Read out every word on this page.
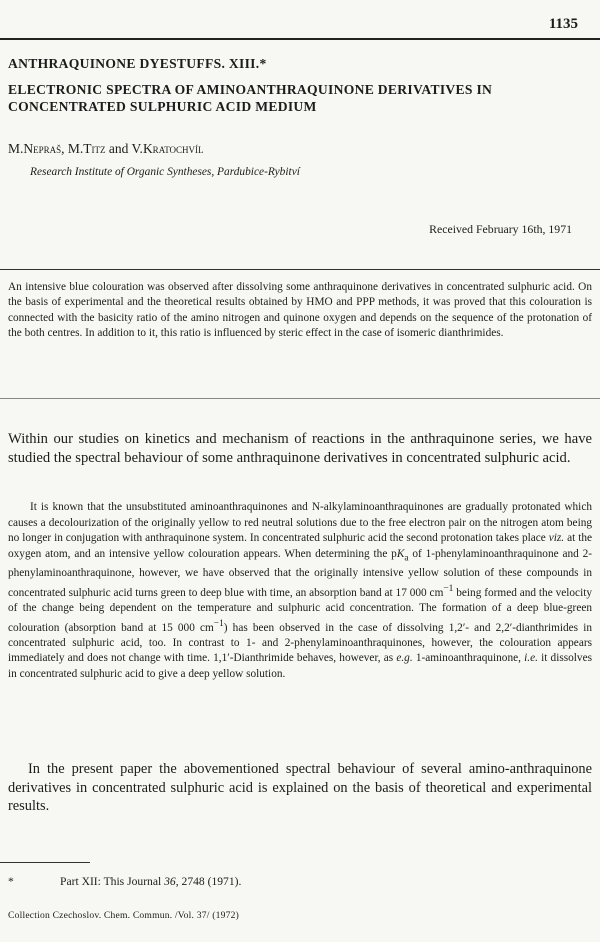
1135
ANTHRAQUINONE DYESTUFFS. XIII.*
ELECTRONIC SPECTRA OF AMINOANTHRAQUINONE DERIVATIVES IN CONCENTRATED SULPHURIC ACID MEDIUM
M.Nepraš, M.Titz and V.Kratochvíl
Research Institute of Organic Syntheses, Pardubice-Rybitví
Received February 16th, 1971

An intensive blue colouration was observed after dissolving some anthraquinone derivatives in concentrated sulphuric acid. On the basis of experimental and the theoretical results obtained by HMO and PPP methods, it was proved that this colouration is connected with the basicity ratio of the amino nitrogen and quinone oxygen and depends on the sequence of the protonation of the both centres. In addition to it, this ratio is influenced by steric effect in the case of isomeric dianthrimides.

Within our studies on kinetics and mechanism of reactions in the anthraquinone series, we have studied the spectral behaviour of some anthraquinone derivatives in concentrated sulphuric acid.

It is known that the unsubstituted aminoanthraquinones and N-alkylaminoanthraquinones are gradually protonated which causes a decolourization of the originally yellow to red neutral solutions due to the free electron pair on the nitrogen atom being no longer in conjugation with anthraquinone system. In concentrated sulphuric acid the second protonation takes place viz. at the oxygen atom, and an intensive yellow colouration appears. When determining the $pK_a$ of 1-phenylaminoanthraquinone and 2-phenylaminoanthraquinone, however, we have observed that the originally intensive yellow solution of these compounds in concentrated sulphuric acid turns green to deep blue with time, an absorption band at 17 000 $cm^{-1}$ being formed and the velocity of the change being dependent on the temperature and sulphuric acid concentration. The formation of a deep blue-green colouration (absorption band at 15 000 $cm^{-1}$) has been observed in the case of dissolving 1,2′- and 2,2′-dianthrimides in concentrated sulphuric acid, too. In contrast to 1- and 2-phenylaminoanthraquinones, however, the colouration appears immediately and does not change with time. 1,1′-Dianthrimide behaves, however, as e.g. 1-aminoanthraquinone, i.e. it dissolves in concentrated sulphuric acid to give a deep yellow solution.

In the present paper the abovementioned spectral behaviour of several amino-anthraquinone derivatives in concentrated sulphuric acid is explained on the basis of theoretical and experimental results.

*	Part XII: This Journal 36, 2748 (1971).
Collection Czechoslov. Chem. Commun. /Vol. 37/ (1972)
